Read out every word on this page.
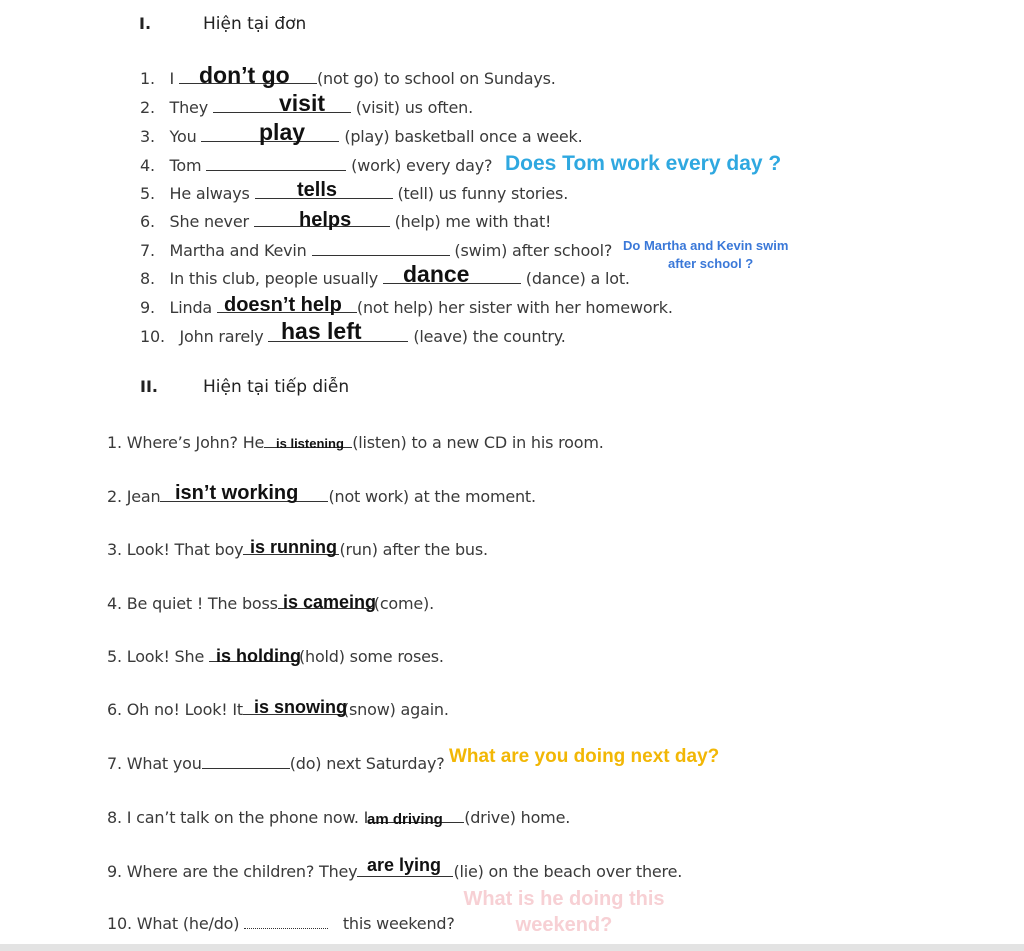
I.	Hiện tại đơn
1. I	(not go) to school on Sundays.
don’t go
2. They	(visit) us often.
visit
3. You	(play) basketball once a week.
play
4. Tom	(work) every day? Does Tom work every day ?
5. He always	(tell) us funny stories.
tells
6. She never	(help) me with that!
helps
7. Martha and Kevin	(swim) after school? Do Martha and Kevin swim
after school ?
8. In this club, people usually	(dance) a lot.
dance
9. Linda	(not help) her sister with her homework.
doesn’t help
10. John rarely	(leave) the country.
has left
II.	Hiện tại tiếp diễn
1. Where’s John? He	(listen) to a new CD in his room.
is listening
2. Jean	(not work) at the moment.
isn’t working
3. Look! That boy	(run) after the bus.
is running
4. Be quiet ! The boss	(come).
is cameing
5. Look! She	(hold) some roses.
is holding
6. Oh no! Look! It	(snow) again.
is snowing
7. What you	(do) next Saturday? What are you doing next day?
8. I can’t talk on the phone now. I	(drive) home.
am driving
9. Where are the children? They	(lie) on the beach over there.
are lying
10. What (he/do)	this weekend?
What is he doing this
weekend?
